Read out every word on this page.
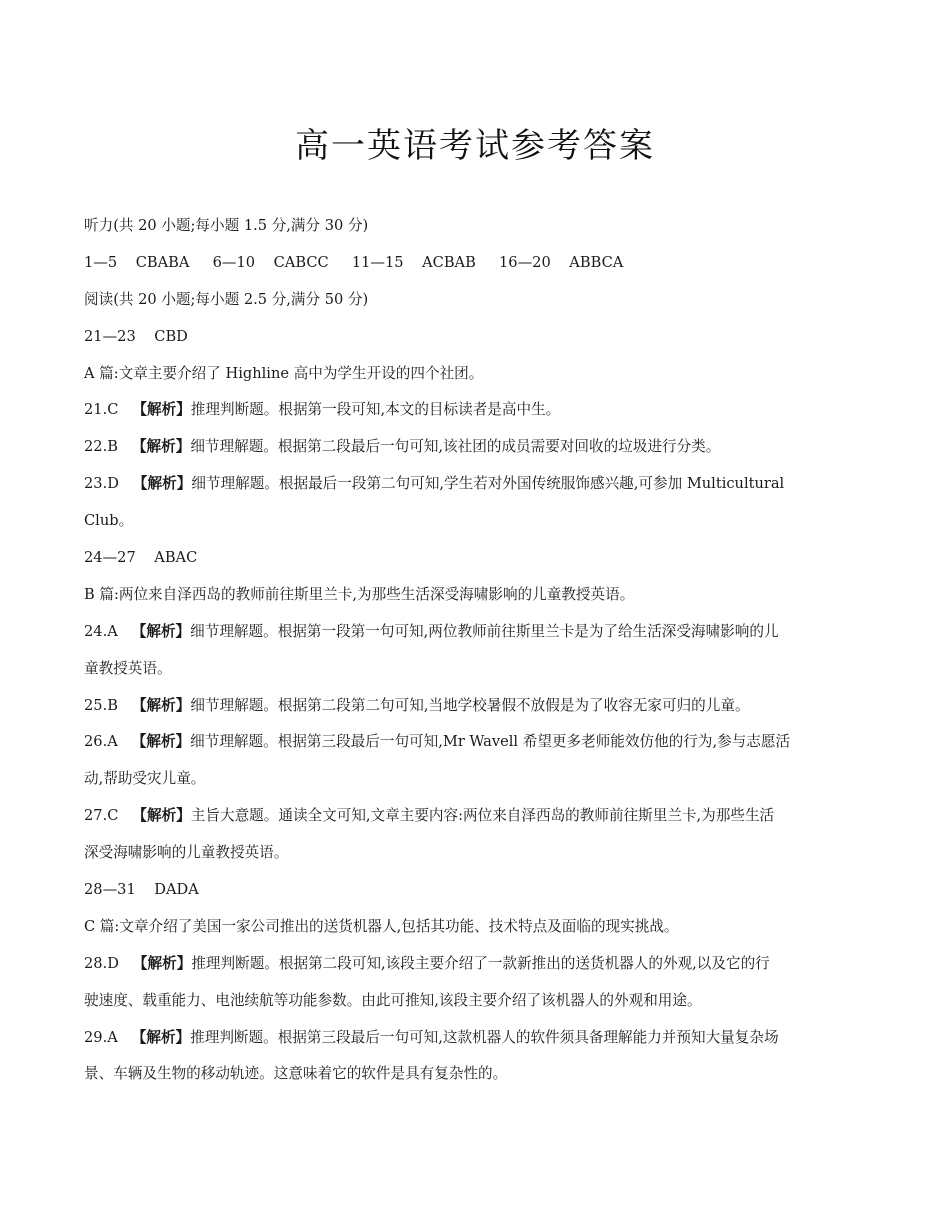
高一英语考试参考答案
听力(共 20 小题;每小题 1.5 分,满分 30 分)
1—5    CBABA     6—10    CABCC     11—15    ACBAB     16—20    ABBCA
阅读(共 20 小题;每小题 2.5 分,满分 50 分)
21—23    CBD
A 篇:文章主要介绍了 Highline 高中为学生开设的四个社团。
21.C 【解析】推理判断题。根据第一段可知,本文的目标读者是高中生。
22.B 【解析】细节理解题。根据第二段最后一句可知,该社团的成员需要对回收的垃圾进行分类。
23.D 【解析】细节理解题。根据最后一段第二句可知,学生若对外国传统服饰感兴趣,可参加 Multicultural
Club。
24—27    ABAC
B 篇:两位来自泽西岛的教师前往斯里兰卡,为那些生活深受海啸影响的儿童教授英语。
24.A 【解析】细节理解题。根据第一段第一句可知,两位教师前往斯里兰卡是为了给生活深受海啸影响的儿
童教授英语。
25.B 【解析】细节理解题。根据第二段第二句可知,当地学校暑假不放假是为了收容无家可归的儿童。
26.A 【解析】细节理解题。根据第三段最后一句可知,Mr Wavell 希望更多老师能效仿他的行为,参与志愿活
动,帮助受灾儿童。
27.C 【解析】主旨大意题。通读全文可知,文章主要内容:两位来自泽西岛的教师前往斯里兰卡,为那些生活
深受海啸影响的儿童教授英语。
28—31    DADA
C 篇:文章介绍了美国一家公司推出的送货机器人,包括其功能、技术特点及面临的现实挑战。
28.D 【解析】推理判断题。根据第二段可知,该段主要介绍了一款新推出的送货机器人的外观,以及它的行
驶速度、载重能力、电池续航等功能参数。由此可推知,该段主要介绍了该机器人的外观和用途。
29.A 【解析】推理判断题。根据第三段最后一句可知,这款机器人的软件须具备理解能力并预知大量复杂场
景、车辆及生物的移动轨迹。这意味着它的软件是具有复杂性的。
